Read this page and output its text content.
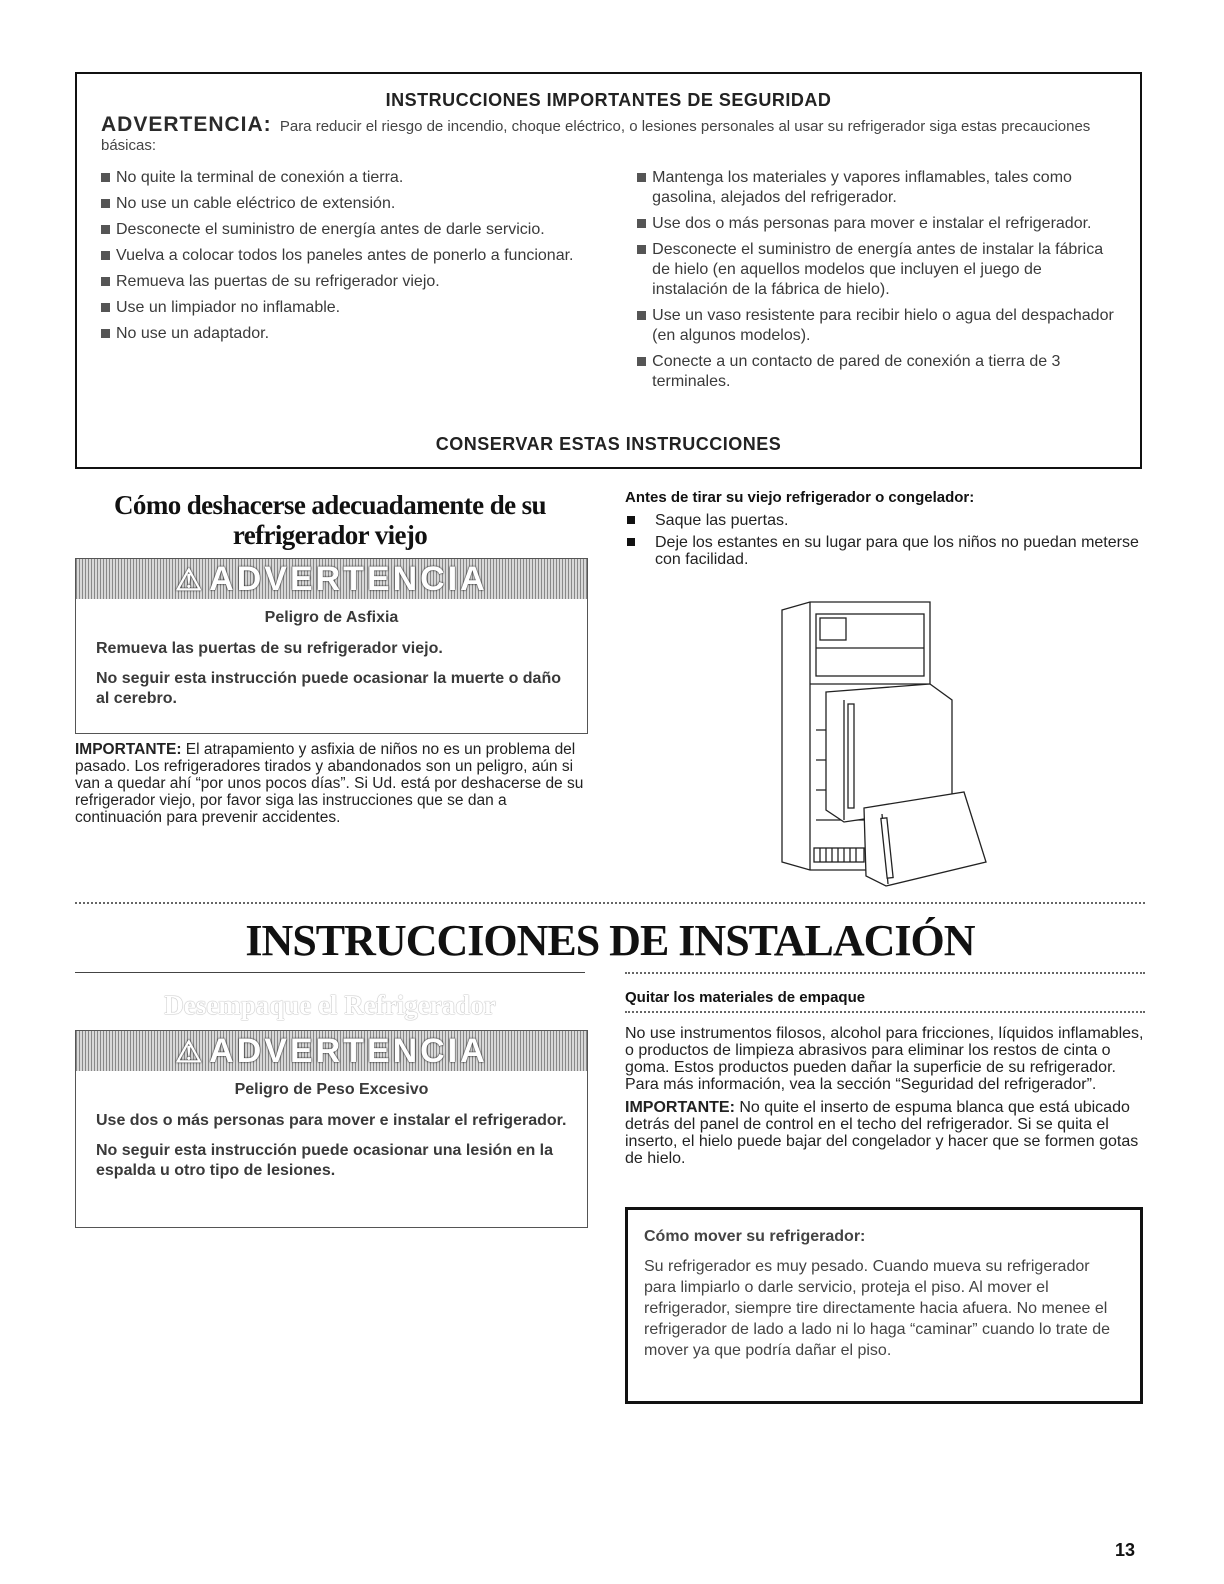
INSTRUCCIONES IMPORTANTES DE SEGURIDAD
ADVERTENCIA: Para reducir el riesgo de incendio, choque eléctrico, o lesiones personales al usar su refrigerador siga estas precauciones básicas:
No quite la terminal de conexión a tierra.
No use un cable eléctrico de extensión.
Desconecte el suministro de energía antes de darle servicio.
Vuelva a colocar todos los paneles antes de ponerlo a funcionar.
Remueva las puertas de su refrigerador viejo.
Use un limpiador no inflamable.
No use un adaptador.
Mantenga los materiales y vapores inflamables, tales como gasolina, alejados del refrigerador.
Use dos o más personas para mover e instalar el refrigerador.
Desconecte el suministro de energía antes de instalar la fábrica de hielo (en aquellos modelos que incluyen el juego de instalación de la fábrica de hielo).
Use un vaso resistente para recibir hielo o agua del despachador (en algunos modelos).
Conecte a un contacto de pared de conexión a tierra de 3 terminales.
CONSERVAR ESTAS INSTRUCCIONES
Cómo deshacerse adecuadamente de su
refrigerador viejo
⚠ ADVERTENCIA
Peligro de Asfixia

Remueva las puertas de su refrigerador viejo.

No seguir esta instrucción puede ocasionar la muerte o daño al cerebro.

IMPORTANTE: El atrapamiento y asfixia de niños no es un problema del pasado. Los refrigeradores tirados y abandonados son un peligro, aún si van a quedar ahí “por unos pocos días”. Si Ud. está por deshacerse de su refrigerador viejo, por favor siga las instrucciones que se dan a continuación para prevenir accidentes.
Antes de tirar su viejo refrigerador o congelador:
Saque las puertas.
Deje los estantes en su lugar para que los niños no puedan meterse con facilidad.
INSTRUCCIONES DE INSTALACIÓN
Desempaque el Refrigerador
⚠ ADVERTENCIA
Peligro de Peso Excesivo

Use dos o más personas para mover e instalar el refrigerador.

No seguir esta instrucción puede ocasionar una lesión en la espalda u otro tipo de lesiones.

Quitar los materiales de empaque

No use instrumentos filosos, alcohol para fricciones, líquidos inflamables, o productos de limpieza abrasivos para eliminar los restos de cinta o goma. Estos productos pueden dañar la superficie de su refrigerador. Para más información, vea la sección “Seguridad del refrigerador”.

IMPORTANTE: No quite el inserto de espuma blanca que está ubicado detrás del panel de control en el techo del refrigerador. Si se quita el inserto, el hielo puede bajar del congelador y hacer que se formen gotas de hielo.

Cómo mover su refrigerador:
Su refrigerador es muy pesado. Cuando mueva su refrigerador para limpiarlo o darle servicio, proteja el piso. Al mover el refrigerador, siempre tire directamente hacia afuera. No menee el refrigerador de lado a lado ni lo haga “caminar” cuando lo trate de mover ya que podría dañar el piso.
13
